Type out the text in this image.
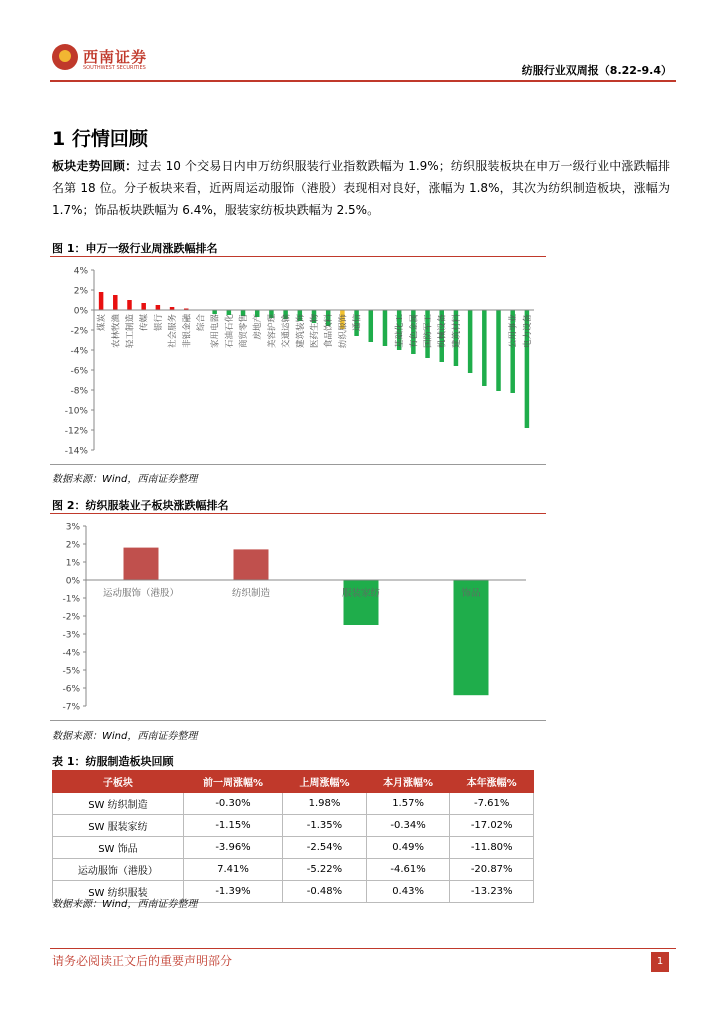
西南证券
SOUTHWEST SECURITIES	纺服行业双周报（8.22-9.4）
1 行情回顾
板块走势回顾：过去 10 个交易日内申万纺织服装行业指数跌幅为 1.9%；纺织服装板块在申万一级行业中涨跌幅排名第 18 位。分子板块来看，近两周运动服饰（港股）表现相对良好，涨幅为 1.8%，其次为纺织制造板块，涨幅为 1.7%；饰品板块跌幅为 6.4%，服装家纺板块跌幅为 2.5%。
图 1：申万一级行业周涨跌幅排名
4%
2%
0%
-2%
-4%
-6%
-8%
-10%
-12%
-14%
煤炭 农林牧渔 轻工制造 传媒 银行 社会服务 非银金融 综合 家用电器 石油石化 商贸零售 房地产 美容护理 交通运输 建筑装饰 医药生物 食品饮料 纺织服饰 通信	基础化工 有色金属 国防军工 机械设备 建筑材料	公用事业 电力设备
数据来源：Wind，西南证券整理
图 2：纺织服装业子板块涨跌幅排名
3%
2%
1%
0%
-1%
-2%
-3%
-4%
-5%
-6%
-7%
运动服饰（港股）	纺织制造	服装家纺	饰品
数据来源：Wind，西南证券整理
表 1：纺服制造板块回顾
子板块	前一周涨幅%	上周涨幅%	本月涨幅%	本年涨幅%
SW 纺织制造	-0.30%	1.98%	1.57%	-7.61%
SW 服装家纺	-1.15%	-1.35%	-0.34%	-17.02%
SW 饰品	-3.96%	-2.54%	0.49%	-11.80%
运动服饰（港股）	7.41%	-5.22%	-4.61%	-20.87%
SW 纺织服装	-1.39%	-0.48%	0.43%	-13.23%
数据来源：Wind，西南证券整理
请务必阅读正文后的重要声明部分	1
